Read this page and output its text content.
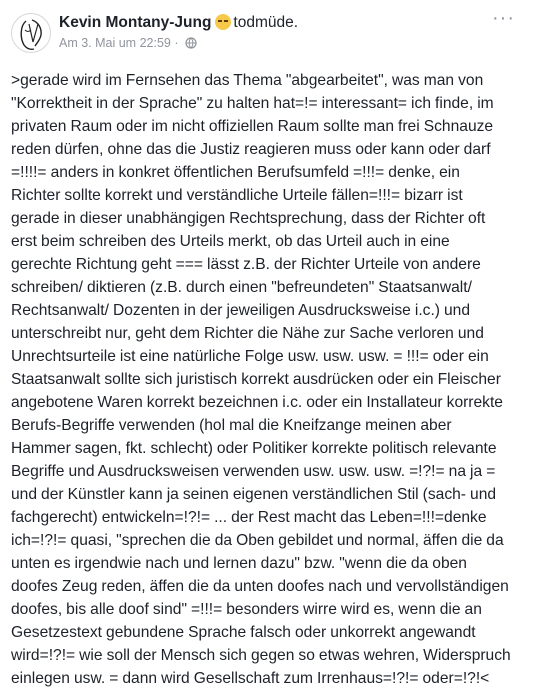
Kevin Montany-Jung todmüde.
Am 3. Mai um 22:59 ·
···
>gerade wird im Fernsehen das Thema "abgearbeitet", was man von
"Korrektheit in der Sprache" zu halten hat=!= interessant= ich finde, im
privaten Raum oder im nicht offiziellen Raum sollte man frei Schnauze
reden dürfen, ohne das die Justiz reagieren muss oder kann oder darf
=!!!!= anders in konkret öffentlichen Berufsumfeld =!!!= denke, ein
Richter sollte korrekt und verständliche Urteile fällen=!!!= bizarr ist
gerade in dieser unabhängigen Rechtsprechung, dass der Richter oft
erst beim schreiben des Urteils merkt, ob das Urteil auch in eine
gerechte Richtung geht === lässt z.B. der Richter Urteile von andere
schreiben/ diktieren (z.B. durch einen "befreundeten" Staatsanwalt/
Rechtsanwalt/ Dozenten in der jeweiligen Ausdrucksweise i.c.) und
unterschreibt nur, geht dem Richter die Nähe zur Sache verloren und
Unrechtsurteile ist eine natürliche Folge usw. usw. usw. = !!!= oder ein
Staatsanwalt sollte sich juristisch korrekt ausdrücken oder ein Fleischer
angebotene Waren korrekt bezeichnen i.c. oder ein Installateur korrekte
Berufs-Begriffe verwenden (hol mal die Kneifzange meinen aber
Hammer sagen, fkt. schlecht) oder Politiker korrekte politisch relevante
Begriffe und Ausdrucksweisen verwenden usw. usw. usw. =!?!= na ja =
und der Künstler kann ja seinen eigenen verständlichen Stil (sach- und
fachgerecht) entwickeln=!?!= ... der Rest macht das Leben=!!!=denke
ich=!?!= quasi, "sprechen die da Oben gebildet und normal, äffen die da
unten es irgendwie nach und lernen dazu" bzw. "wenn die da oben
doofes Zeug reden, äffen die da unten doofes nach und vervollständigen
doofes, bis alle doof sind" =!!!= besonders wirre wird es, wenn die an
Gesetzestext gebundene Sprache falsch oder unkorrekt angewandt
wird=!?!= wie soll der Mensch sich gegen so etwas wehren, Widerspruch
einlegen usw. = dann wird Gesellschaft zum Irrenhaus=!?!= oder=!?!<
